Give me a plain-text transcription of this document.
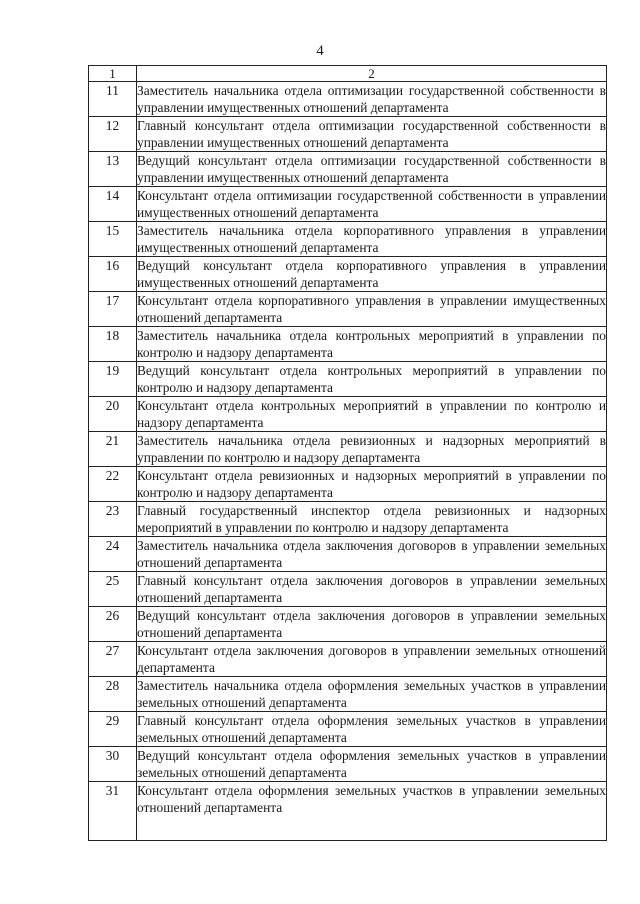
4
1	2
11	Заместитель начальника отдела оптимизации государственной собственности в управлении имущественных отношений департамента
12	Главный консультант отдела оптимизации государственной собственности в управлении имущественных отношений департамента
13	Ведущий консультант отдела оптимизации государственной собственности в управлении имущественных отношений департамента
14	Консультант отдела оптимизации государственной собственности в управлении имущественных отношений департамента
15	Заместитель начальника отдела корпоративного управления в управлении имущественных отношений департамента
16	Ведущий консультант отдела корпоративного управления в управлении имущественных отношений департамента
17	Консультант отдела корпоративного управления в управлении имущественных отношений департамента
18	Заместитель начальника отдела контрольных мероприятий в управлении по контролю и надзору департамента
19	Ведущий консультант отдела контрольных мероприятий в управлении по контролю и надзору департамента
20	Консультант отдела контрольных мероприятий в управлении по контролю и надзору департамента
21	Заместитель начальника отдела ревизионных и надзорных мероприятий в управлении по контролю и надзору департамента
22	Консультант отдела ревизионных и надзорных мероприятий в управлении по контролю и надзору департамента
23	Главный государственный инспектор отдела ревизионных и надзорных мероприятий в управлении по контролю и надзору департамента
24	Заместитель начальника отдела заключения договоров в управлении земельных отношений департамента
25	Главный консультант отдела заключения договоров в управлении земельных отношений департамента
26	Ведущий консультант отдела заключения договоров в управлении земельных отношений департамента
27	Консультант отдела заключения договоров в управлении земельных отношений департамента
28	Заместитель начальника отдела оформления земельных участков в управлении земельных отношений департамента
29	Главный консультант отдела оформления земельных участков в управлении земельных отношений департамента
30	Ведущий консультант отдела оформления земельных участков в управлении земельных отношений департамента
31	Консультант отдела оформления земельных участков в управлении земельных отношений департамента
